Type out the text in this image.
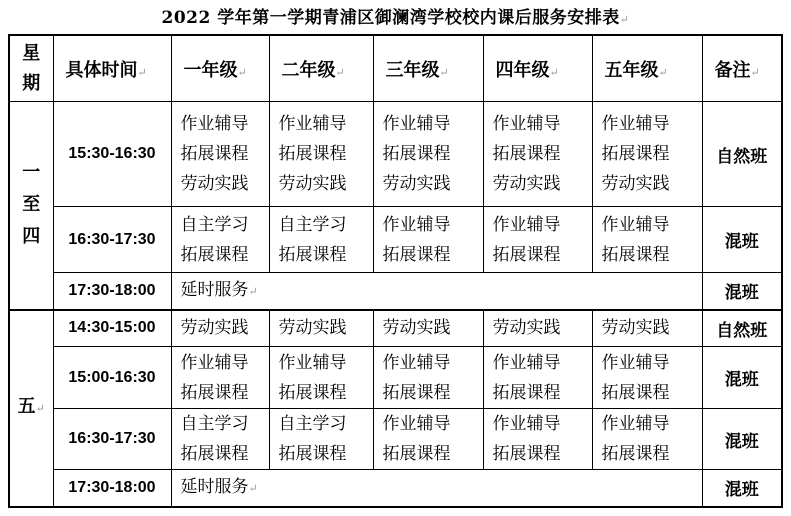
2022 学年第一学期青浦区御澜湾学校校内课后服务安排表↵
星期	具体时间↵	一年级↵	二年级↵	三年级↵	四年级↵	五年级↵	备注↵
一至四	15:30-16:30	作业辅导
拓展课程
劳动实践	作业辅导
拓展课程
劳动实践	作业辅导
拓展课程
劳动实践	作业辅导
拓展课程
劳动实践	作业辅导
拓展课程
劳动实践	自然班
	16:30-17:30	自主学习
拓展课程	自主学习
拓展课程	作业辅导
拓展课程	作业辅导
拓展课程	作业辅导
拓展课程	混班
	17:30-18:00	延时服务↵					混班
五↵	14:30-15:00	劳动实践	劳动实践	劳动实践	劳动实践	劳动实践	自然班
	15:00-16:30	作业辅导
拓展课程	作业辅导
拓展课程	作业辅导
拓展课程	作业辅导
拓展课程	作业辅导
拓展课程	混班
	16:30-17:30	自主学习
拓展课程	自主学习
拓展课程	作业辅导
拓展课程	作业辅导
拓展课程	作业辅导
拓展课程	混班
	17:30-18:00	延时服务↵					混班
